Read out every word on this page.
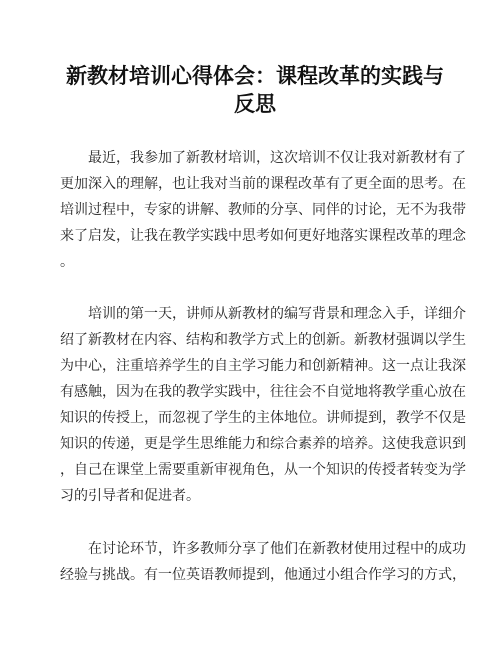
新教材培训心得体会：课程改革的实践与
反思
最近，我参加了新教材培训，这次培训不仅让我对新教材有了
更加深入的理解，也让我对当前的课程改革有了更全面的思考。在
培训过程中，专家的讲解、教师的分享、同伴的讨论，无不为我带
来了启发，让我在教学实践中思考如何更好地落实课程改革的理念
。
培训的第一天，讲师从新教材的编写背景和理念入手，详细介
绍了新教材在内容、结构和教学方式上的创新。新教材强调以学生
为中心，注重培养学生的自主学习能力和创新精神。这一点让我深
有感触，因为在我的教学实践中，往往会不自觉地将教学重心放在
知识的传授上，而忽视了学生的主体地位。讲师提到，教学不仅是
知识的传递，更是学生思维能力和综合素养的培养。这使我意识到
，自己在课堂上需要重新审视角色，从一个知识的传授者转变为学
习的引导者和促进者。
在讨论环节，许多教师分享了他们在新教材使用过程中的成功
经验与挑战。有一位英语教师提到，他通过小组合作学习的方式，
